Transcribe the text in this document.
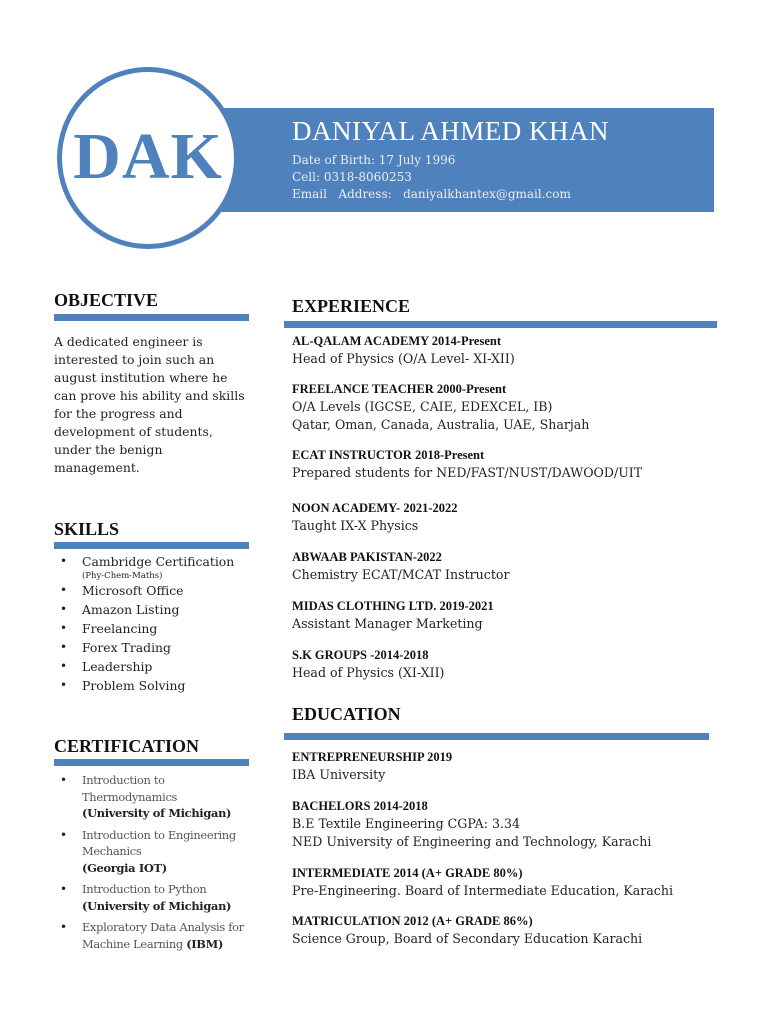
DAK	DANIYAL AHMED KHAN
Date of Birth: 17 July 1996
Cell: 0318-8060253
Email   Address:   daniyalkhantex@gmail.com
OBJECTIVE
A dedicated engineer is interested to join such an august institution where he can prove his ability and skills for the progress and development of students, under the benign management.
SKILLS
• Cambridge Certification
(Phy-Chem-Maths)
• Microsoft Office
• Amazon Listing
• Freelancing
• Forex Trading
• Leadership
• Problem Solving
CERTIFICATION
• Introduction to Thermodynamics
(University of Michigan)
• Introduction to Engineering Mechanics
(Georgia IOT)
• Introduction to Python
(University of Michigan)
• Exploratory Data Analysis for Machine Learning (IBM)
EXPERIENCE
AL-QALAM ACADEMY 2014-Present
Head of Physics (O/A Level- XI-XII)
FREELANCE TEACHER 2000-Present
O/A Levels (IGCSE, CAIE, EDEXCEL, IB)
Qatar, Oman, Canada, Australia, UAE, Sharjah
ECAT INSTRUCTOR 2018-Present
Prepared students for NED/FAST/NUST/DAWOOD/UIT
NOON ACADEMY- 2021-2022
Taught IX-X Physics
ABWAAB PAKISTAN-2022
Chemistry ECAT/MCAT Instructor
MIDAS CLOTHING LTD. 2019-2021
Assistant Manager Marketing
S.K GROUPS -2014-2018
Head of Physics (XI-XII)
EDUCATION
ENTREPRENEURSHIP 2019
IBA University
BACHELORS 2014-2018
B.E Textile Engineering CGPA: 3.34
NED University of Engineering and Technology, Karachi
INTERMEDIATE 2014 (A+ GRADE 80%)
Pre-Engineering. Board of Intermediate Education, Karachi
MATRICULATION 2012 (A+ GRADE 86%)
Science Group, Board of Secondary Education Karachi
